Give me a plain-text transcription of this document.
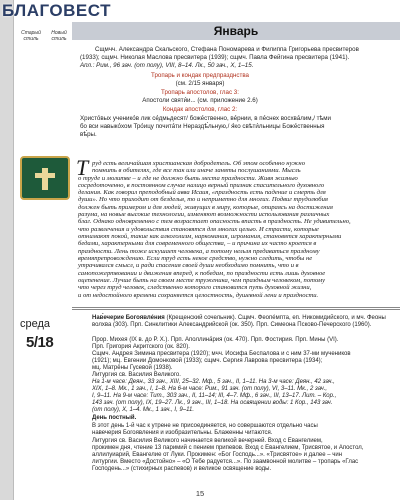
БЛАГОВЕСТ
Старый стиль
Новый стиль
Январь
Сщмчч. Александра Скальского, Стефана Пономарева и Филиппа Григорьева пресвитеров
(1933); сщмч. Николая Маслова пресвитера (1939); сщмч. Павла Фейгина пресвитера (1941).
Апл.: Рим., 96 зач. (от полу), VIII, 8–14. Лк., 50 зач., Х, 1–15.
Тропарь и кондак предпразднства
(см. 2/15 января)
Тропарь апостолов, глас 3:
Апостоли святи́и... (см. приложение 2.6)
Кондак апостолов, глас 2:
Христо́вых ученико́в лик се́дмьдесят/ боже́ственно, ве́рнии, в пе́снех восхва́лим,/ тѣми
бо вси навыко́хом Тро́ицу почита́ти Нераздѣ́льную,/ я́ко свѣти́льницы Боже́ственныя
вѣ́ры.
Т руд есть величайшая христианская добродетель. Об этом особенно нужно
помнить в обителях, где все так или иначе заняты послушаниями. Мысль
о труде и молитве – и где не должно быть места праздности. Живя жизнью
сосредоточенно, в постоянном случае налицо верный признак спасительного духовного
делания. Как говорил преподобный авва Исаия, «праздность есть падение и смерть для
души». Но что приходит от безделья, то и неприметно для многих. Подвиг трудолюбия
должен быть примером и для людей, живущих в миру, которые, опираясь на достижения
разума, на новые высокие технологии, изменяют возможности использования различных
благ. Однако одновременно с тем возрастает опасность впасть в праздность. Не удивительно,
что развлечения и удовольствия становятся для многих целью. И страсти, которые
отнимают покой, такие как алкоголизм, наркомания, игромания, становятся характерными
бедами, характерными для современного общества, – и причина их часто кроется в
праздности. Лень тоже искушает человека, а потому нельзя предаваться праздному
времяпрепровождению. Если труд есть некое средство, нужно следить, чтобы не
утрачивался смысл, и ради спасения своей души необходимо помнить, что и в
самопожертвовании и движения вперед, к победам, по праздности есть лишь духовное
оцепенение. Лучше быть на своем месте труженика, чем праздным человеком, потому
что через труд человек, следственно которого становится путь духовной жизни,
и от недостойного времени сохраняется целостность, душевной лени и праздности.
среда
5/18
Нав́ечерие Богоявлéния (Крещенский сочельник). Сщмч. Феопéмпта, еп. Никомидийского, и мч. Феоны волхва (303). Прп. Синклитики Александрийской (ок. 350). Прп. Симеона Псково-Печерского (1960).
Прор. Михея (IX в. до Р. Х.). Прп. Аполлина́рия (ок. 470). Прп. Фостирия. Прп. Мины (VI).
Прп. Григория Акритского (ок. 820).
Сщмч. Андрея Зимина пресвитера (1920); мчч. Иосифа Беспалова и с ним 37-ми мучеников
(1921); мц. Евгении Домонковой (1933); сщмч. Сергия Лаврова пресвитера (1934);
мц. Матрёны Гусевой (1938).
Литургия св. Василия Великого.
На 1-м часе: Деян., 33 зач., XIII, 25–32. Мф., 5 зач., II, 1–11. На 3-м часе: Деян., 42 зач.,
XIX, 1–8. Мк., 1 зач., I, 1–8. На 6-м часе: Рим., 91 зач. (от полу), VI, 3–11. Мк., 2 зач.,
I, 9–11. На 9-м часе: Тит., 303 зач., II, 11–14; III, 4–7. Мф., 6 зач., III, 13–17. Лит. – Кор.,
143 зач. (от полу), IX, 19–27. Лк., 9 зач., III, 1–18. На освящении воды: 1 Кор., 143 зач.
(от полу), X, 1–4. Мк., 1 зач., I, 9–11.
День постный.
В этот день 1-й час к утрене не присоединяется, но совершаются отдельно часы
навечерия Богоявления и изобразительны. Блаженны читаются.
Литургия св. Василия Великого начинается великой вечерней. Вход с Евангелием,
прокимен дня, чтение 13 паримий с пением припевов. Вход с Евангелием, Трисвятое, и Апостол,
аллилуиарий, Евангелие от Луки. Прокимен: «Бог Господь...». «Трисвятое» и далее – чин
литургии. Вместо «Достойно» – «О Тебе радуется...». По заамвонной молитве – тропарь «Глас
Господень...» (стихирных распевов) и великое освящение воды.
15
